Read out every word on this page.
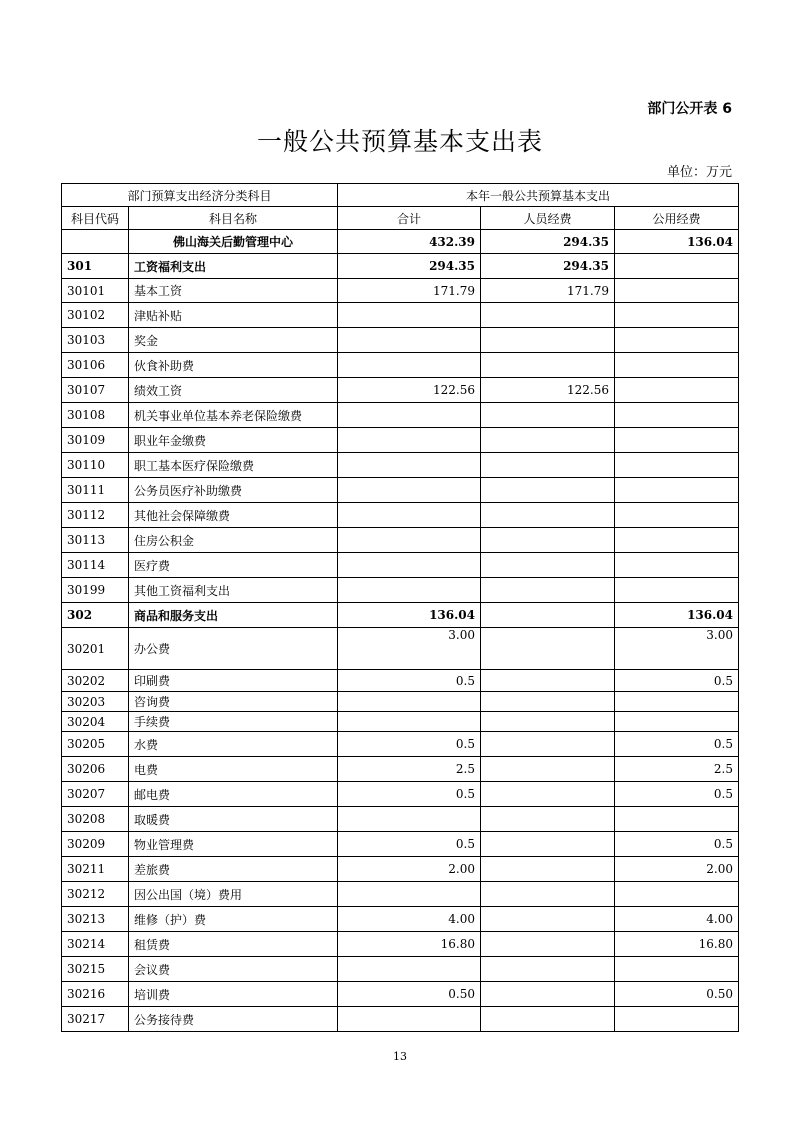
部门公开表 6
一般公共预算基本支出表
单位：万元
部门预算支出经济分类科目		本年一般公共预算基本支出		
科目代码	科目名称	合计	人员经费	公用经费
	佛山海关后勤管理中心	432.39	294.35	136.04
301	工资福利支出	294.35	294.35	
30101	基本工资	171.79	171.79	
30102	津贴补贴			
30103	奖金			
30106	伙食补助费			
30107	绩效工资	122.56	122.56	
30108	机关事业单位基本养老保险缴费			
30109	职业年金缴费			
30110	职工基本医疗保险缴费			
30111	公务员医疗补助缴费			
30112	其他社会保障缴费			
30113	住房公积金			
30114	医疗费			
30199	其他工资福利支出			
302	商品和服务支出	136.04		136.04
30201	办公费	3.00		3.00
30202	印刷费	0.5		0.5
30203	咨询费			
30204	手续费			
30205	水费	0.5		0.5
30206	电费	2.5		2.5
30207	邮电费	0.5		0.5
30208	取暖费			
30209	物业管理费	0.5		0.5
30211	差旅费	2.00		2.00
30212	因公出国（境）费用			
30213	维修（护）费	4.00		4.00
30214	租赁费	16.80		16.80
30215	会议费			
30216	培训费	0.50		0.50
30217	公务接待费			
13
